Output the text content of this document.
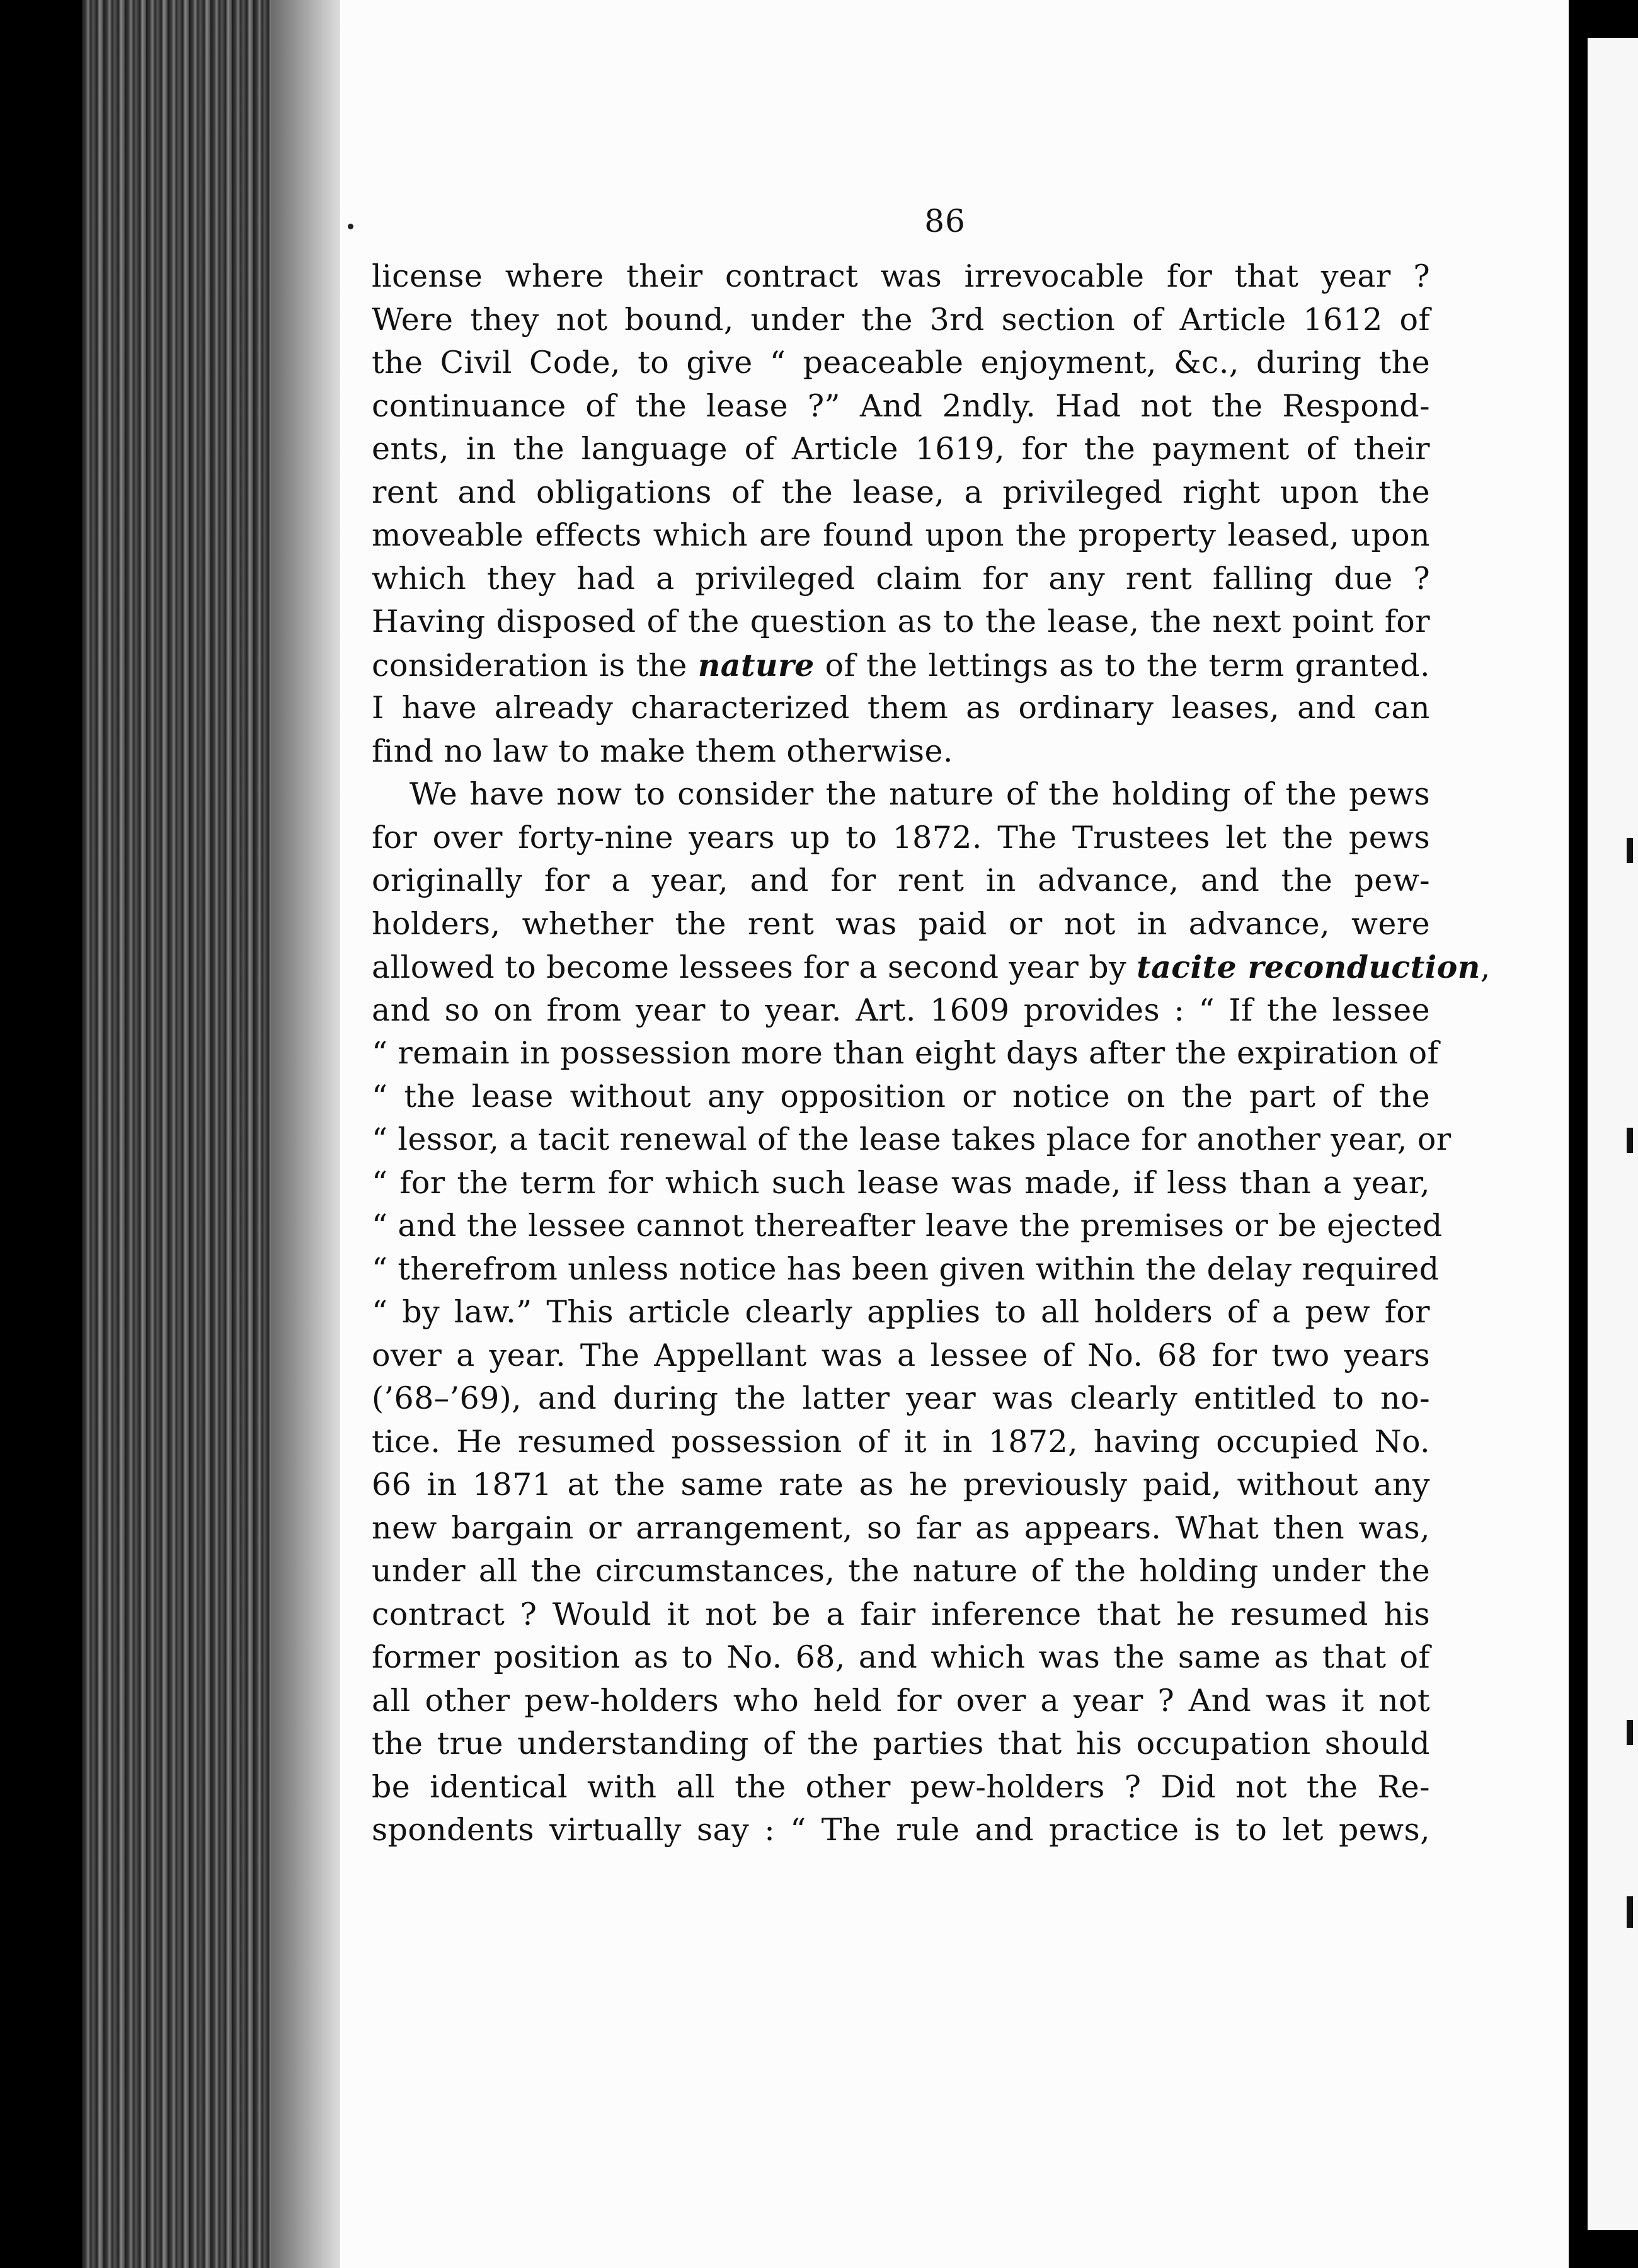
86
license where their contract was irrevocable for that year ?
Were they not bound, under the 3rd section of Article 1612 of
the Civil Code, to give “ peaceable enjoyment, &c., during the
continuance of the lease ?” And 2ndly. Had not the Respond-
ents, in the language of Article 1619, for the payment of their
rent and obligations of the lease, a privileged right upon the
moveable effects which are found upon the property leased, upon
which they had a privileged claim for any rent falling due ?
Having disposed of the question as to the lease, the next point for
consideration is the nature of the lettings as to the term granted.
I have already characterized them as ordinary leases, and can
find no law to make them otherwise.
We have now to consider the nature of the holding of the pews
for over forty-nine years up to 1872. The Trustees let the pews
originally for a year, and for rent in advance, and the pew-
holders, whether the rent was paid or not in advance, were
allowed to become lessees for a second year by tacite reconduction,
and so on from year to year. Art. 1609 provides : “ If the lessee
“ remain in possession more than eight days after the expiration of
“ the lease without any opposition or notice on the part of the
“ lessor, a tacit renewal of the lease takes place for another year, or
“ for the term for which such lease was made, if less than a year,
“ and the lessee cannot thereafter leave the premises or be ejected
“ therefrom unless notice has been given within the delay required
“ by law.” This article clearly applies to all holders of a pew for
over a year. The Appellant was a lessee of No. 68 for two years
(’68–’69), and during the latter year was clearly entitled to no-
tice. He resumed possession of it in 1872, having occupied No.
66 in 1871 at the same rate as he previously paid, without any
new bargain or arrangement, so far as appears. What then was,
under all the circumstances, the nature of the holding under the
contract ? Would it not be a fair inference that he resumed his
former position as to No. 68, and which was the same as that of
all other pew-holders who held for over a year ? And was it not
the true understanding of the parties that his occupation should
be identical with all the other pew-holders ? Did not the Re-
spondents virtually say : “ The rule and practice is to let pews,
